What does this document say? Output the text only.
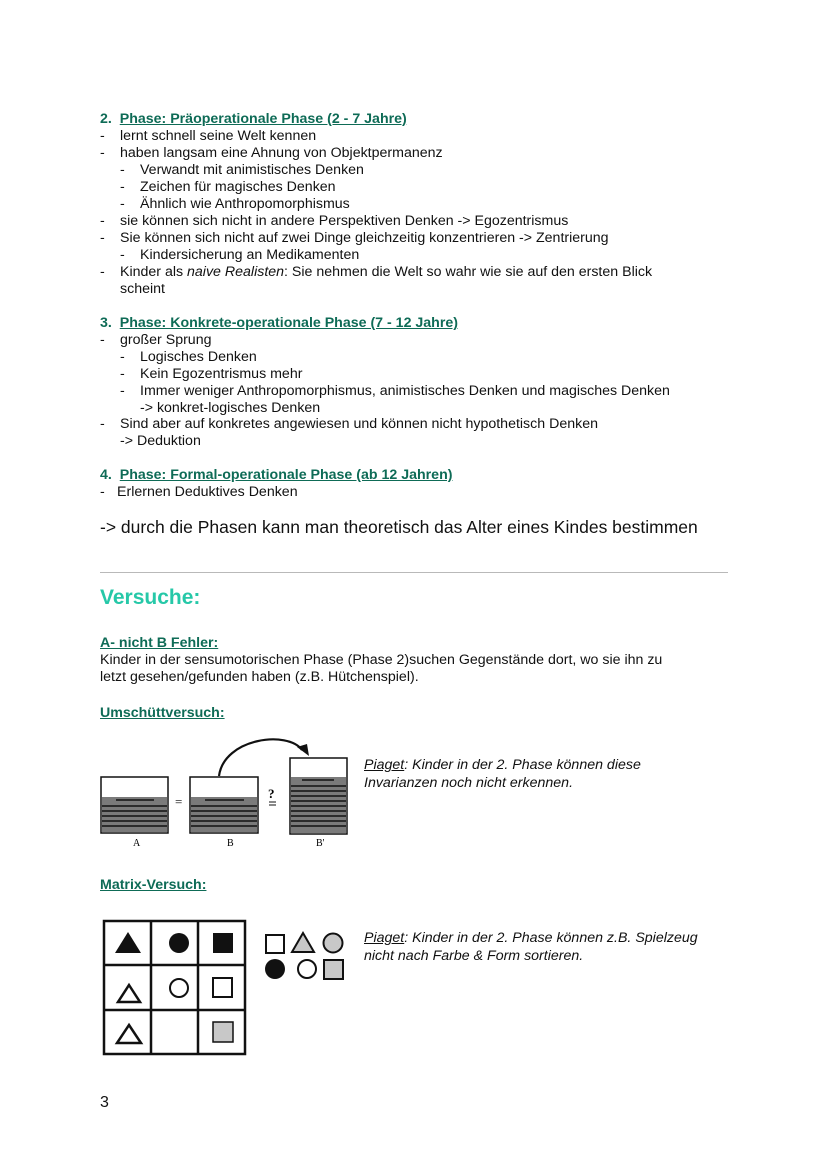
2. Phase: Präoperationale Phase (2 - 7 Jahre)
- lernt schnell seine Welt kennen
- haben langsam eine Ahnung von Objektpermanenz
- Verwandt mit animistisches Denken
- Zeichen für magisches Denken
- Ähnlich wie Anthropomorphismus
- sie können sich nicht in andere Perspektiven Denken -> Egozentrismus
- Sie können sich nicht auf zwei Dinge gleichzeitig konzentrieren -> Zentrierung
- Kindersicherung an Medikamenten
- Kinder als naive Realisten: Sie nehmen die Welt so wahr wie sie auf den ersten Blick
scheint
3. Phase: Konkrete-operationale Phase (7 - 12 Jahre)
- großer Sprung
- Logisches Denken
- Kein Egozentrismus mehr
- Immer weniger Anthropomorphismus, animistisches Denken und magisches Denken
-> konkret-logisches Denken
- Sind aber auf konkretes angewiesen und können nicht hypothetisch Denken
-> Deduktion
4. Phase: Formal-operationale Phase (ab 12 Jahren)
- Erlernen Deduktives Denken
-> durch die Phasen kann man theoretisch das Alter eines Kindes bestimmen
Versuche:
A- nicht B Fehler:
Kinder in der sensumotorischen Phase (Phase 2)suchen Gegenstände dort, wo sie ihn zu
letzt gesehen/gefunden haben (z.B. Hütchenspiel).
Umschüttversuch:
=
?
A	B	B'
Piaget: Kinder in der 2. Phase können diese
Invarianzen noch nicht erkennen.
Matrix-Versuch:
Piaget: Kinder in der 2. Phase können z.B. Spielzeug
nicht nach Farbe & Form sortieren.
3
